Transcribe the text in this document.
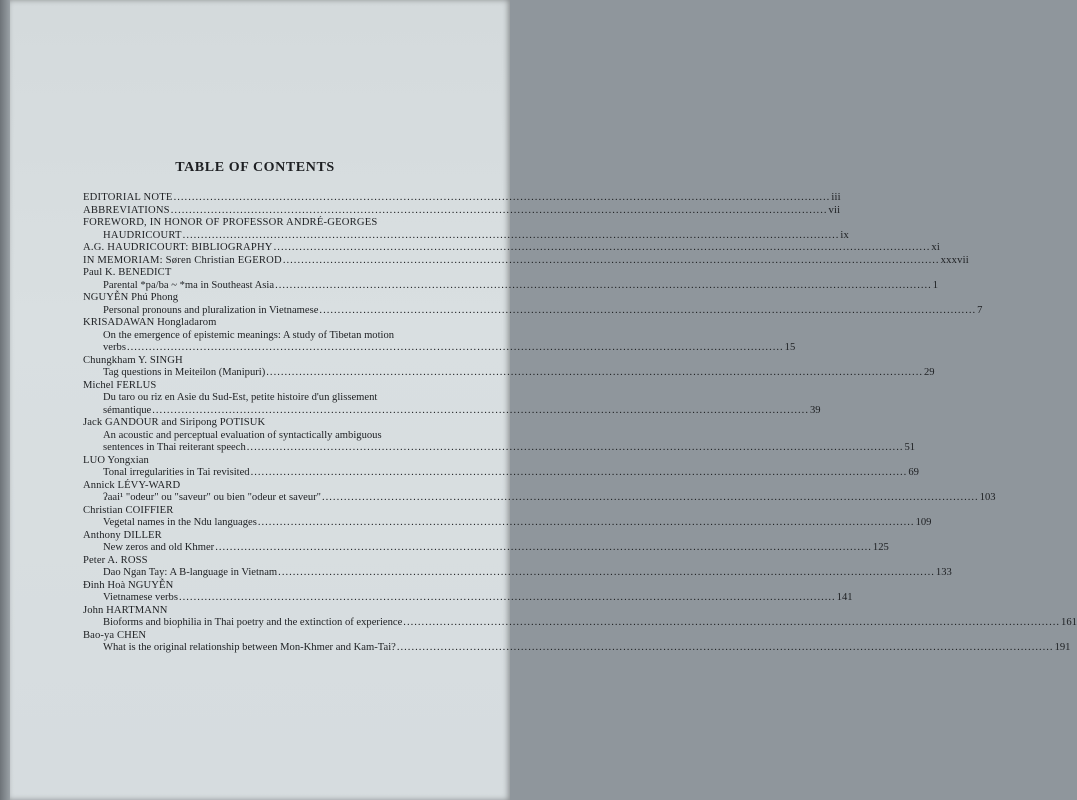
TABLE OF CONTENTS
EDITORIAL NOTE .....	iii
ABBREVIATIONS .....	vii
FOREWORD, IN HONOR OF PROFESSOR ANDRÉ-GEORGES
HAUDRICOURT .....	ix
A.G. HAUDRICOURT: BIBLIOGRAPHY .....	xi
IN MEMORIAM: Søren Christian EGEROD .....	xxxvii
Paul K. BENEDICT
Parental *pa/ba ~ *ma in Southeast Asia .....	1
NGUYỄN Phú Phong
Personal pronouns and pluralization in Vietnamese .....	7
KRISADAWAN Hongladarom
On the emergence of epistemic meanings: A study of Tibetan motion
verbs .....	15
Chungkham Y. SINGH
Tag questions in Meiteilon (Manipuri) .....	29
Michel FERLUS
Du taro ou riz en Asie du Sud-Est, petite histoire d'un glissement
sémantique .....	39
Jack GANDOUR and Siripong POTISUK
An acoustic and perceptual evaluation of syntactically ambiguous
sentences in Thai reiterant speech .....	51
LUO Yongxian
Tonal irregularities in Tai revisited .....	69
Annick LÉVY-WARD
ʔaai¹ "odeur" ou "saveur" ou bien "odeur et saveur" .....	103
Christian COIFFIER
Vegetal names in the Ndu languages .....	109
Anthony DILLER
New zeros and old Khmer .....	125
Peter A. ROSS
Dao Ngan Tay: A B-language in Vietnam .....	133
Đinh Hoà NGUYỄN
Vietnamese verbs .....	141
John HARTMANN
Bioforms and biophilia in Thai poetry and the extinction of experience .....	161
Bao-ya CHEN
What is the original relationship between Mon-Khmer and Kam-Tai? .....	191
